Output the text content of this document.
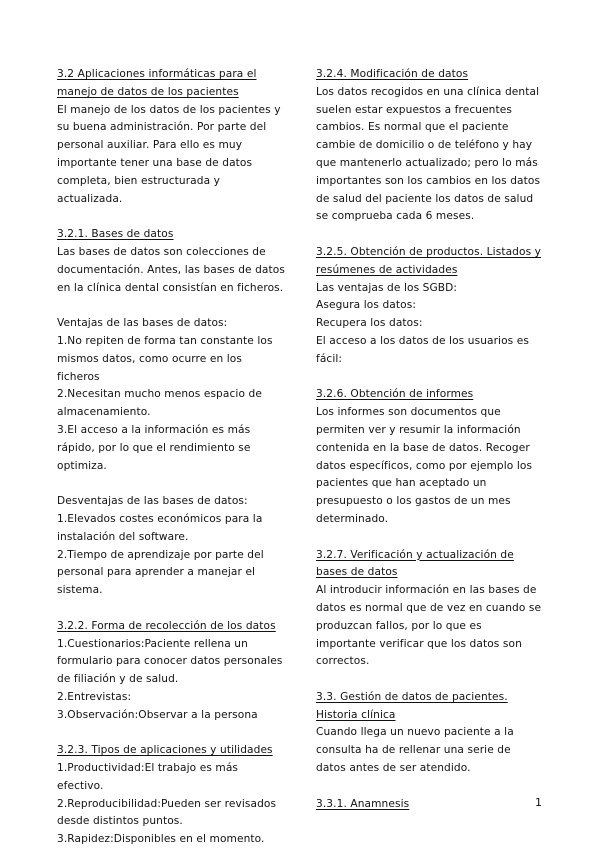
3.2 Aplicaciones informáticas para el manejo de datos de los pacientes

El manejo de los datos de los pacientes y su buena administración. Por parte del personal auxiliar. Para ello es muy importante tener una base de datos completa, bien estructurada y actualizada.

3.2.1. Bases de datos

Las bases de datos son colecciones de documentación. Antes, las bases de datos en la clínica dental consistían en ficheros.

Ventajas de las bases de datos:

1.No repiten de forma tan constante los mismos datos, como ocurre en los ficheros

2.Necesitan mucho menos espacio de almacenamiento.

3.El acceso a la información es más rápido, por lo que el rendimiento se optimiza.

Desventajas de las bases de datos:

1.Elevados costes económicos para la instalación del software.

2.Tiempo de aprendizaje por parte del personal para aprender a manejar el sistema.

3.2.2. Forma de recolección de los datos

1.Cuestionarios:Paciente rellena un formulario para conocer datos personales de filiación y de salud.

2.Entrevistas:

3.Observación:Observar a la persona

3.2.3. Tipos de aplicaciones y utilidades

1.Productividad:El trabajo es más efectivo.

2.Reproducibilidad:Pueden ser revisados desde distintos puntos.

3.Rapidez:Disponibles en el momento.

3.2.4. Modificación de datos

Los datos recogidos en una clínica dental suelen estar expuestos a frecuentes cambios. Es normal que el paciente cambie de domicilio o de teléfono y hay que mantenerlo actualizado; pero lo más importantes son los cambios en los datos de salud del paciente los datos de salud se comprueba cada 6 meses.

3.2.5. Obtención de productos. Listados y resúmenes de actividades

Las ventajas de los SGBD:

Asegura los datos:

Recupera los datos:

El acceso a los datos de los usuarios es fácil:

3.2.6. Obtención de informes

Los informes son documentos que permiten ver y resumir la información contenida en la base de datos. Recoger datos específicos, como por ejemplo los pacientes que han aceptado un presupuesto o los gastos de un mes determinado.

3.2.7. Verificación y actualización de bases de datos

Al introducir información en las bases de datos es normal que de vez en cuando se produzcan fallos, por lo que es importante verificar que los datos son correctos.

3.3. Gestión de datos de pacientes. Historia clínica

Cuando llega un nuevo paciente a la consulta ha de rellenar una serie de datos antes de ser atendido.

3.3.1. Anamnesis	1
